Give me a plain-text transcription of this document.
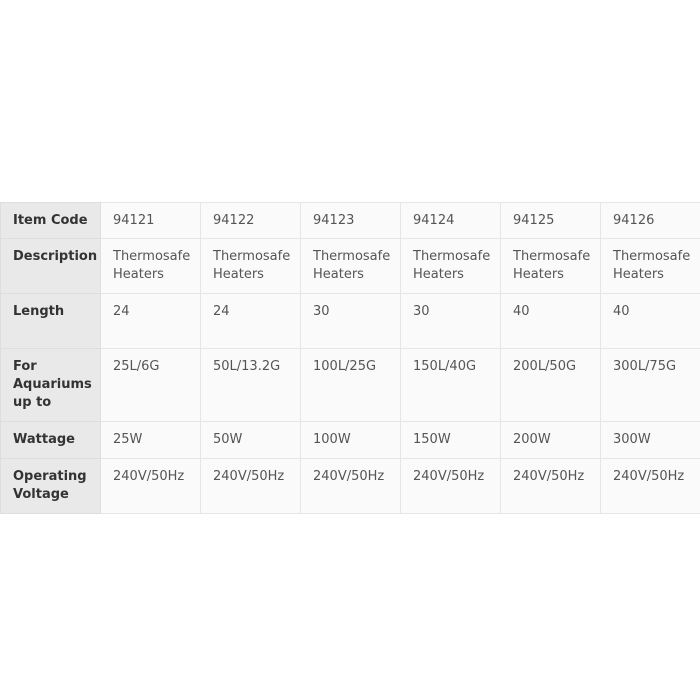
Item Code	94121	94122	94123	94124	94125	94126

Description	Thermosafe Heaters	Thermosafe Heaters	Thermosafe Heaters	Thermosafe Heaters	Thermosafe Heaters	Thermosafe Heaters

Length	24	24	30	30	40	40

For Aquariums up to	25L/6G	50L/13.2G	100L/25G	150L/40G	200L/50G	300L/75G

Wattage	25W	50W	100W	150W	200W	300W

Operating Voltage	240V/50Hz	240V/50Hz	240V/50Hz	240V/50Hz	240V/50Hz	240V/50Hz
